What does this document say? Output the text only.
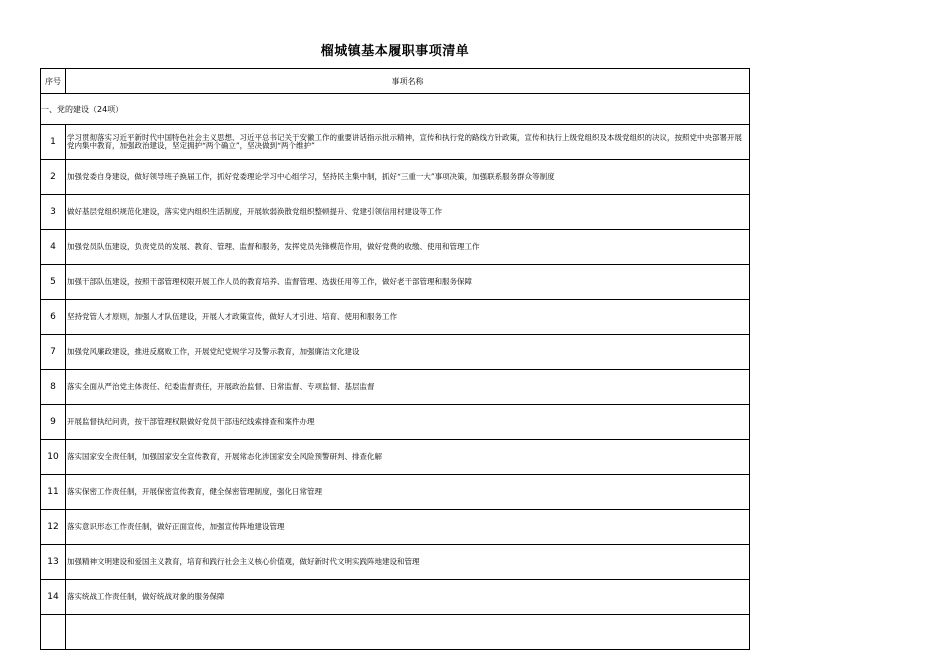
榴城镇基本履职事项清单
序号	事项名称
一、党的建设（24项）	
1	学习贯彻落实习近平新时代中国特色社会主义思想、习近平总书记关于安徽工作的重要讲话指示批示精神，宣传和执行党的路线方针政策，宣传和执行上级党组织及本级党组织的决议，按照党中央部署开展党内集中教育，加强政治建设，坚定拥护“两个确立”，坚决做到“两个维护”
2	加强党委自身建设，做好领导班子换届工作，抓好党委理论学习中心组学习，坚持民主集中制，抓好“三重一大”事项决策，加强联系服务群众等制度
3	做好基层党组织规范化建设，落实党内组织生活制度，开展软弱涣散党组织整顿提升、党建引领信用村建设等工作
4	加强党员队伍建设，负责党员的发展、教育、管理、监督和服务，发挥党员先锋模范作用，做好党费的收缴、使用和管理工作
5	加强干部队伍建设，按照干部管理权限开展工作人员的教育培养、监督管理、选拔任用等工作，做好老干部管理和服务保障
6	坚持党管人才原则，加强人才队伍建设，开展人才政策宣传，做好人才引进、培育、使用和服务工作
7	加强党风廉政建设，推进反腐败工作，开展党纪党规学习及警示教育，加强廉洁文化建设
8	落实全面从严治党主体责任、纪委监督责任，开展政治监督、日常监督、专项监督、基层监督
9	开展监督执纪问责，按干部管理权限做好党员干部违纪线索排查和案件办理
10	落实国家安全责任制，加强国家安全宣传教育，开展常态化涉国家安全风险预警研判、排查化解
11	落实保密工作责任制，开展保密宣传教育，健全保密管理制度，强化日常管理
12	落实意识形态工作责任制，做好正面宣传，加强宣传阵地建设管理
13	加强精神文明建设和爱国主义教育，培育和践行社会主义核心价值观，做好新时代文明实践阵地建设和管理
14	落实统战工作责任制，做好统战对象的服务保障
